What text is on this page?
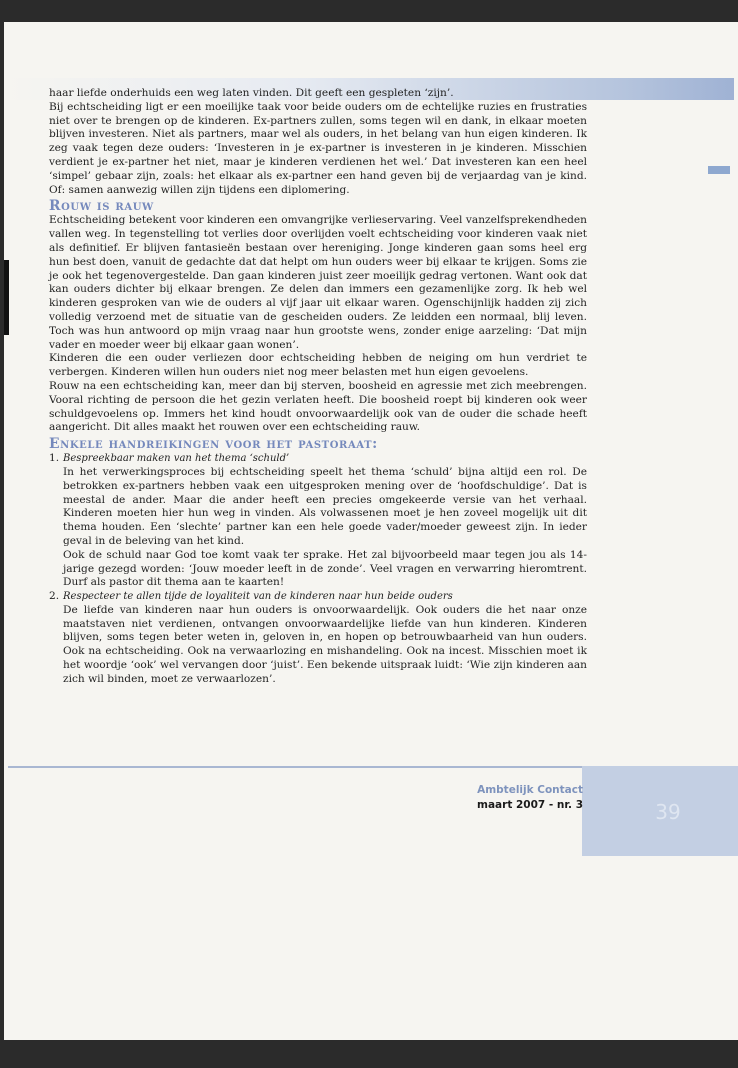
haar liefde onderhuids een weg laten vinden. Dit geeft een gespleten ‘zijn’.

Bij echtscheiding ligt er een moeilijke taak voor beide ouders om de echtelijke ruzies en frustraties niet over te brengen op de kinderen. Ex-partners zullen, soms tegen wil en dank, in elkaar moeten blijven investeren. Niet als partners, maar wel als ouders, in het belang van hun eigen kinderen. Ik zeg vaak tegen deze ouders: ‘Investeren in je ex-partner is investeren in je kinderen. Misschien verdient je ex-partner het niet, maar je kinderen verdienen het wel.’ Dat investeren kan een heel ‘simpel’ gebaar zijn, zoals: het elkaar als ex-partner een hand geven bij de verjaardag van je kind. Of: samen aanwezig willen zijn tijdens een diplomering.

Rouw is rauw

Echtscheiding betekent voor kinderen een omvangrijke verlieservaring. Veel vanzelfsprekendheden vallen weg. In tegenstelling tot verlies door overlijden voelt echtscheiding voor kinderen vaak niet als definitief. Er blijven fantasieën bestaan over hereniging. Jonge kinderen gaan soms heel erg hun best doen, vanuit de gedachte dat dat helpt om hun ouders weer bij elkaar te krijgen. Soms zie je ook het tegenovergestelde. Dan gaan kinderen juist zeer moeilijk gedrag vertonen. Want ook dat kan ouders dichter bij elkaar brengen. Ze delen dan immers een gezamenlijke zorg. Ik heb wel kinderen gesproken van wie de ouders al vijf jaar uit elkaar waren. Ogenschijnlijk hadden zij zich volledig verzoend met de situatie van de gescheiden ouders. Ze leidden een normaal, blij leven. Toch was hun antwoord op mijn vraag naar hun grootste wens, zonder enige aarzeling: ‘Dat mijn vader en moeder weer bij elkaar gaan wonen’.

Kinderen die een ouder verliezen door echtscheiding hebben de neiging om hun verdriet te verbergen. Kinderen willen hun ouders niet nog meer belasten met hun eigen gevoelens.

Rouw na een echtscheiding kan, meer dan bij sterven, boosheid en agressie met zich meebrengen. Vooral richting de persoon die het gezin verlaten heeft. Die boosheid roept bij kinderen ook weer schuldgevoelens op. Immers het kind houdt onvoorwaardelijk ook van de ouder die schade heeft aangericht. Dit alles maakt het rouwen over een echtscheiding rauw.

Enkele handreikingen voor het pastoraat:
1. Bespreekbaar maken van het thema ‘schuld’

In het verwerkingsproces bij echtscheiding speelt het thema ‘schuld’ bijna altijd een rol. De betrokken ex-partners hebben vaak een uitgesproken mening over de ‘hoofdschuldige’. Dat is meestal de ander. Maar die ander heeft een precies omgekeerde versie van het verhaal. Kinderen moeten hier hun weg in vinden. Als volwassenen moet je hen zoveel mogelijk uit dit thema houden. Een ‘slechte’ partner kan een hele goede vader/moeder geweest zijn. In ieder geval in de beleving van het kind.

Ook de schuld naar God toe komt vaak ter sprake. Het zal bijvoorbeeld maar tegen jou als 14-jarige gezegd worden: ‘Jouw moeder leeft in de zonde’. Veel vragen en verwarring hieromtrent. Durf als pastor dit thema aan te kaarten!

2. Respecteer te allen tijde de loyaliteit van de kinderen naar hun beide ouders

De liefde van kinderen naar hun ouders is onvoorwaardelijk. Ook ouders die het naar onze maatstaven niet verdienen, ontvangen onvoorwaardelijke liefde van hun kinderen. Kinderen blijven, soms tegen beter weten in, geloven in, en hopen op betrouwbaarheid van hun ouders. Ook na echtscheiding. Ook na verwaarlozing en mishandeling. Ook na incest. Misschien moet ik het woordje ‘ook’ wel vervangen door ‘juist’. Een bekende uitspraak luidt: ‘Wie zijn kinderen aan zich wil binden, moet ze verwaarlozen’.

Ambtelijk Contact
maart 2007 - nr. 3	39
